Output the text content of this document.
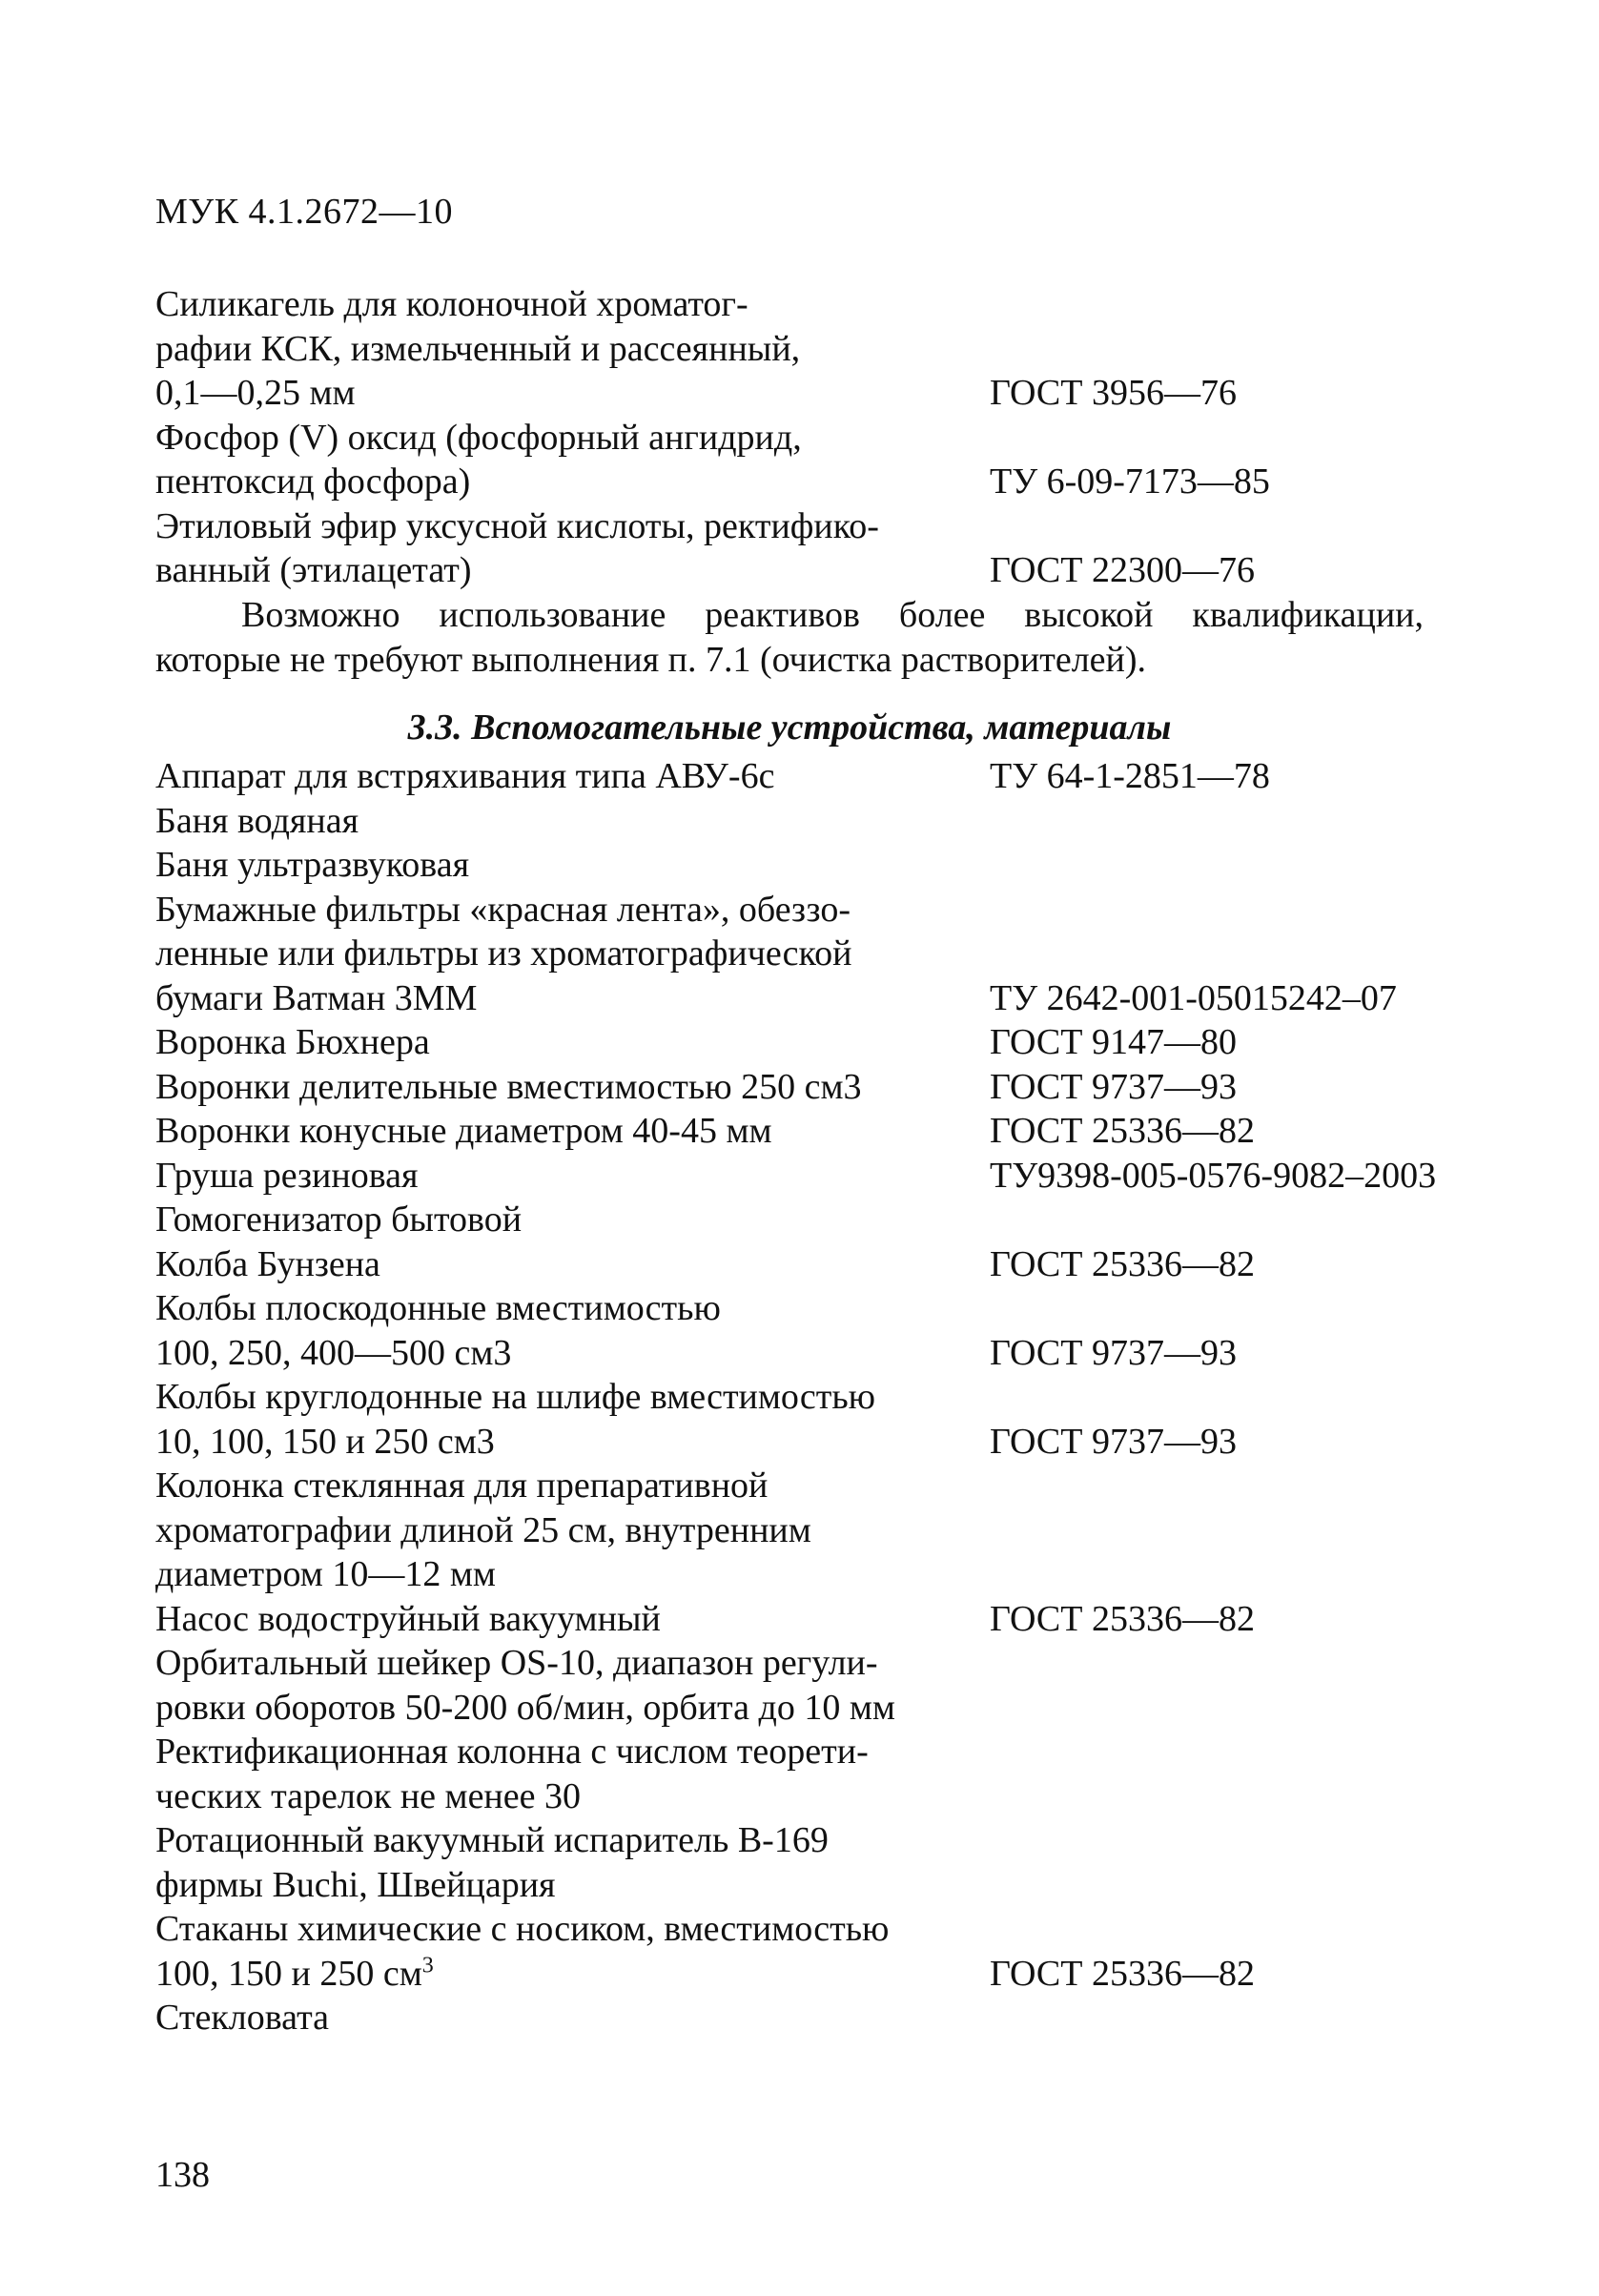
МУК 4.1.2672—10
Силикагель для колоночной хроматог-
рафии КСК, измельченный и рассеянный,
0,1—0,25 мм	ГОСТ 3956—76
Фосфор (V) оксид (фосфорный ангидрид,
пентоксид фосфора)	ТУ 6-09-7173—85
Этиловый эфир уксусной кислоты, ректифико-
ванный (этилацетат)	ГОСТ 22300—76
Возможно использование реактивов более высокой квалификации,
которые не требуют выполнения п. 7.1 (очистка растворителей).
3.3. Вспомогательные устройства, материалы
Аппарат для встряхивания типа АВУ-6с	ТУ 64-1-2851—78
Баня водяная
Баня ультразвуковая
Бумажные фильтры «красная лента», обеззо-
ленные или фильтры из хроматографической
бумаги Ватман 3ММ	ТУ 2642-001-05015242–07
Воронка Бюхнера	ГОСТ 9147—80
Воронки делительные вместимостью 250 см3	ГОСТ 9737—93
Воронки конусные диаметром 40-45 мм	ГОСТ 25336—82
Груша резиновая	ТУ9398-005-0576-9082–2003
Гомогенизатор бытовой
Колба Бунзена	ГОСТ 25336—82
Колбы плоскодонные вместимостью
100, 250, 400—500 см3	ГОСТ 9737—93
Колбы круглодонные на шлифе вместимостью
10, 100, 150 и 250 см3	ГОСТ 9737—93
Колонка стеклянная для препаративной
хроматографии длиной 25 см, внутренним
диаметром 10—12 мм
Насос водоструйный вакуумный	ГОСТ 25336—82
Орбитальный шейкер OS-10, диапазон регули-
ровки оборотов 50-200 об/мин, орбита до 10 мм
Ректификационная колонна с числом теорети-
ческих тарелок не менее 30
Ротационный вакуумный испаритель В-169
фирмы Buchi, Швейцария
Стаканы химические с носиком, вместимостью
100, 150 и 250 $см^3$	ГОСТ 25336—82
Стекловата
138
